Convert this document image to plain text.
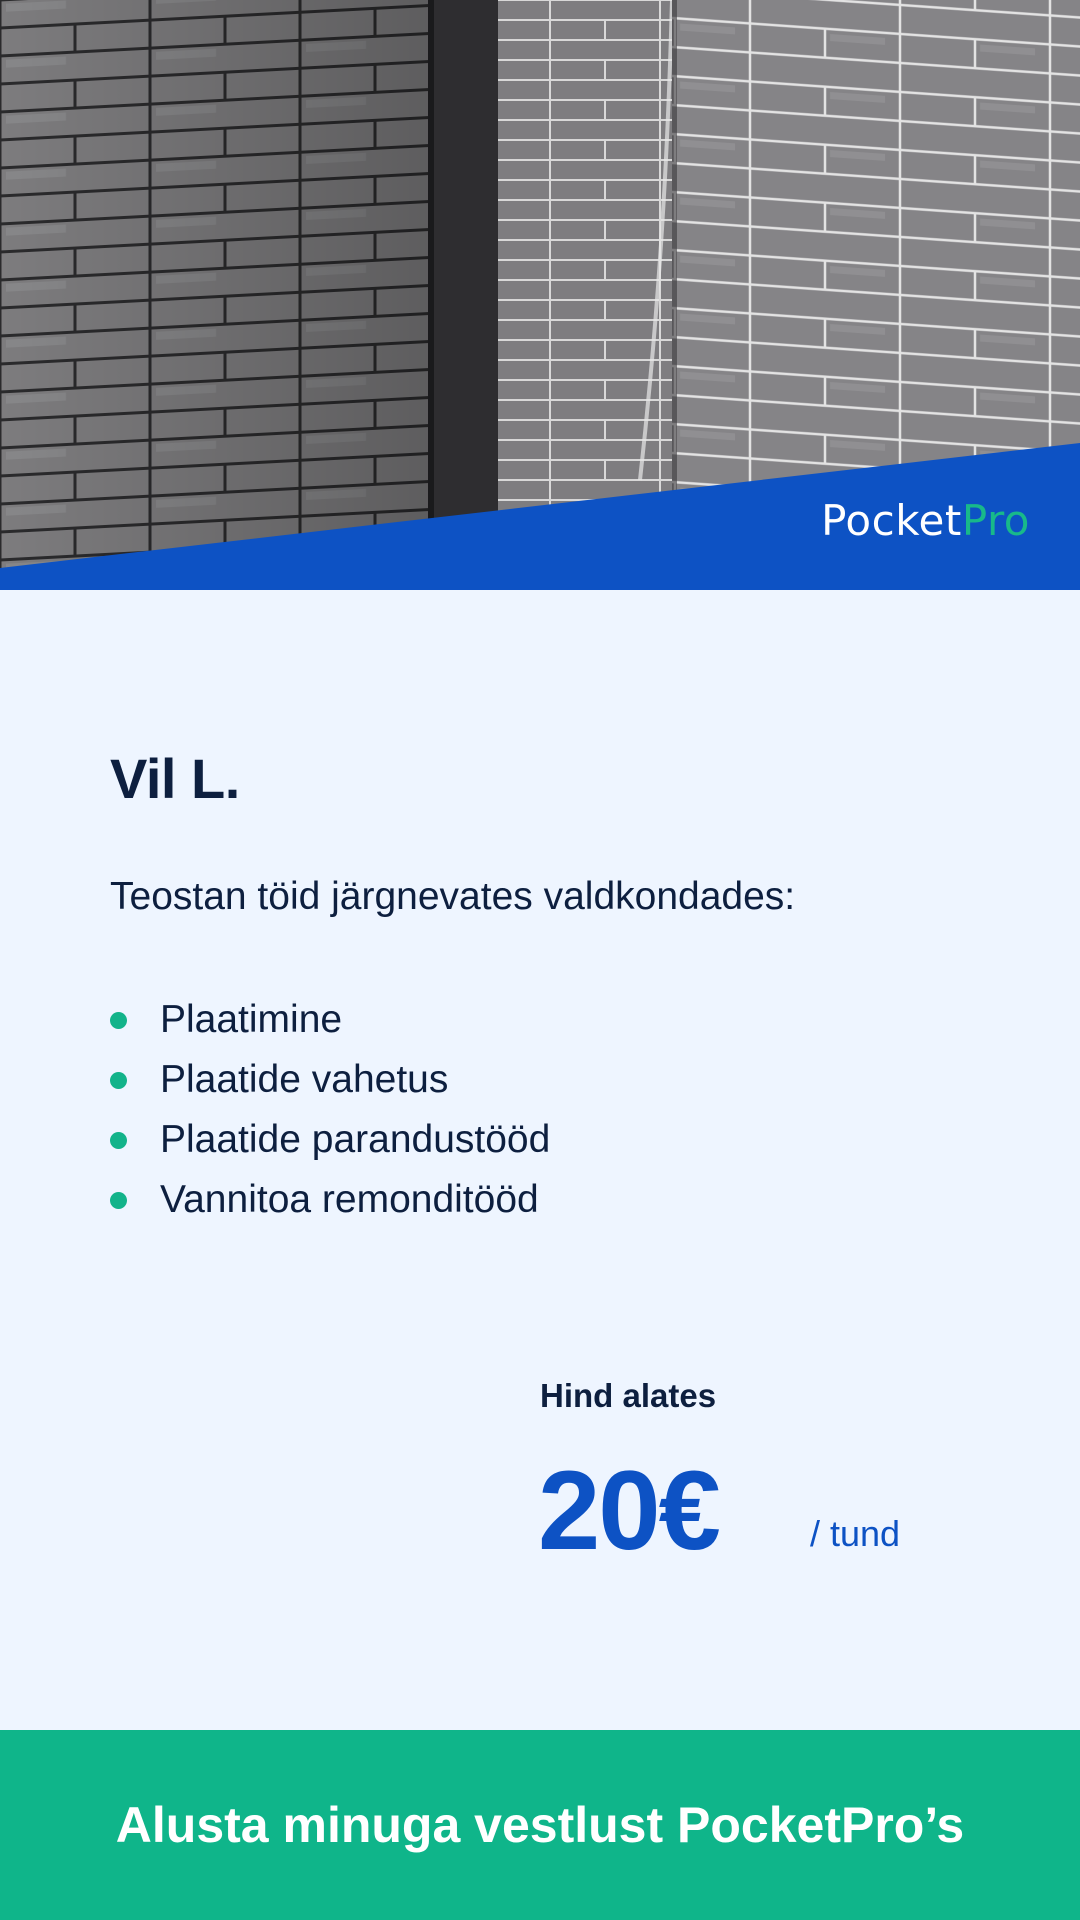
PocketPro
Vil L.

Teostan töid järgnevates valdkondades:

Plaatimine
Plaatide vahetus
Plaatide parandustööd
Vannitoa remonditööd
Hind alates
20€	/ tund
Alusta minuga vestlust PocketPro’s
